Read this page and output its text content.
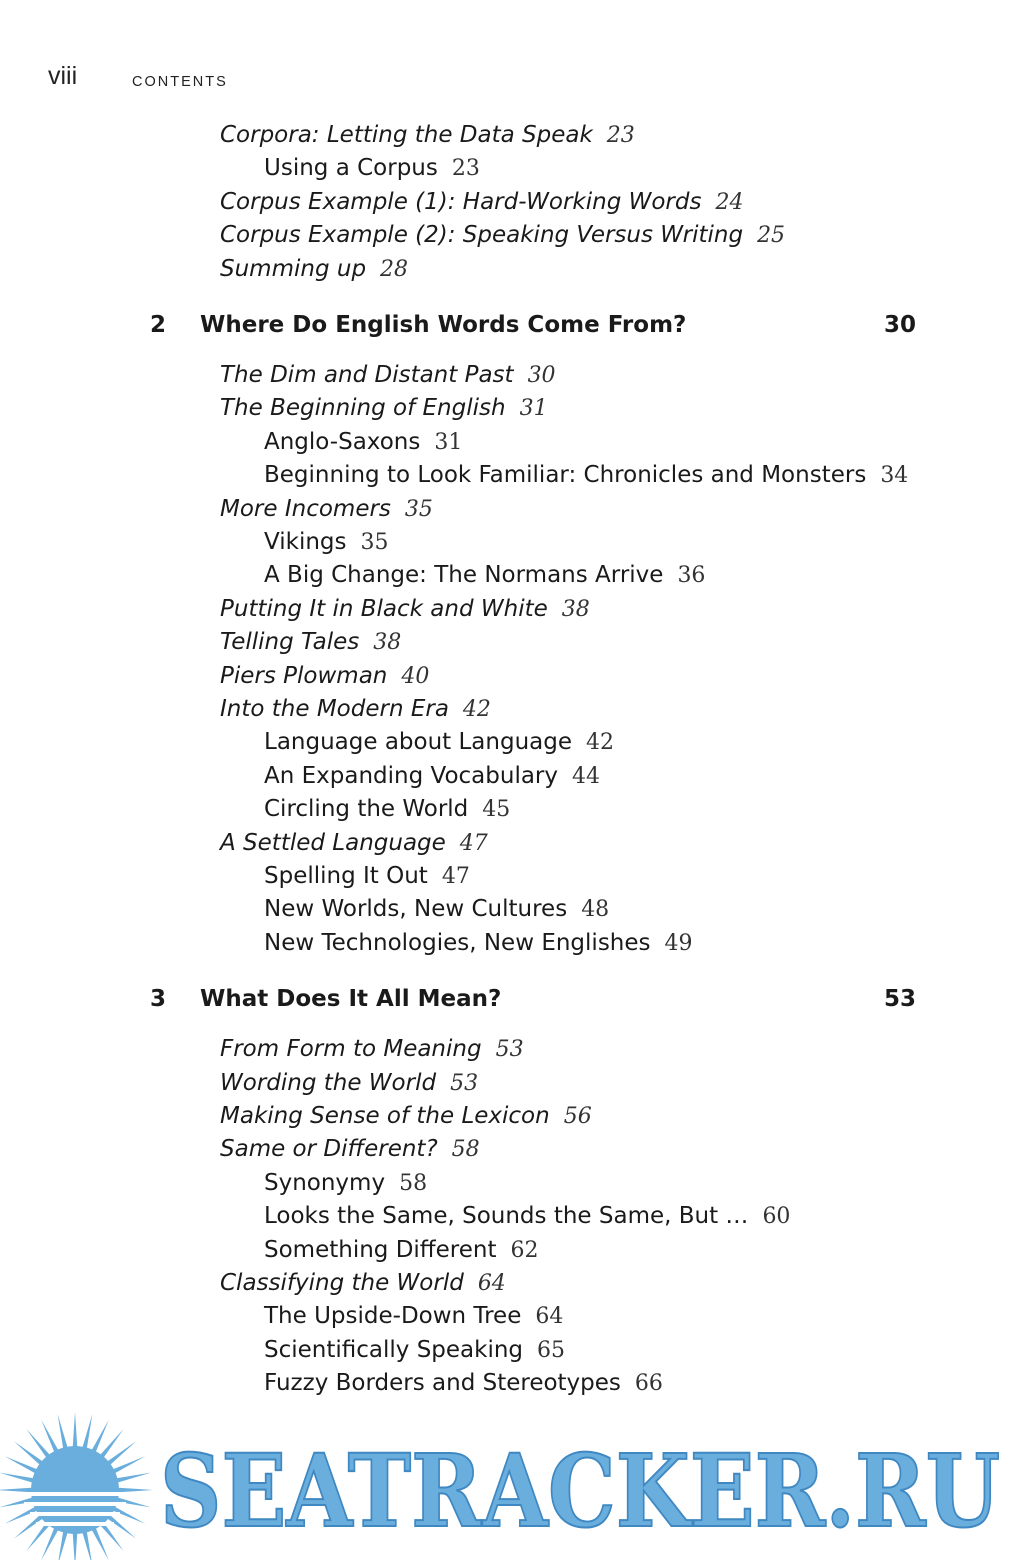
viii	CONTENTS
Corpora: Letting the Data Speak 23
Using a Corpus 23
Corpus Example (1): Hard-Working Words 24
Corpus Example (2): Speaking Versus Writing 25
Summing up 28
2 Where Do English Words Come From?	30
The Dim and Distant Past 30
The Beginning of English 31
Anglo-Saxons 31
Beginning to Look Familiar: Chronicles and Monsters 34
More Incomers 35
Vikings 35
A Big Change: The Normans Arrive 36
Putting It in Black and White 38
Telling Tales 38
Piers Plowman 40
Into the Modern Era 42
Language about Language 42
An Expanding Vocabulary 44
Circling the World 45
A Settled Language 47
Spelling It Out 47
New Worlds, New Cultures 48
New Technologies, New Englishes 49
3 What Does It All Mean?	53
From Form to Meaning 53
Wording the World 53
Making Sense of the Lexicon 56
Same or Different? 58
Synonymy 58
Looks the Same, Sounds the Same, But … 60
Something Different 62
Classifying the World 64
The Upside-Down Tree 64
Scientifically Speaking 65
Fuzzy Borders and Stereotypes 66
SEATRACKER.RU
